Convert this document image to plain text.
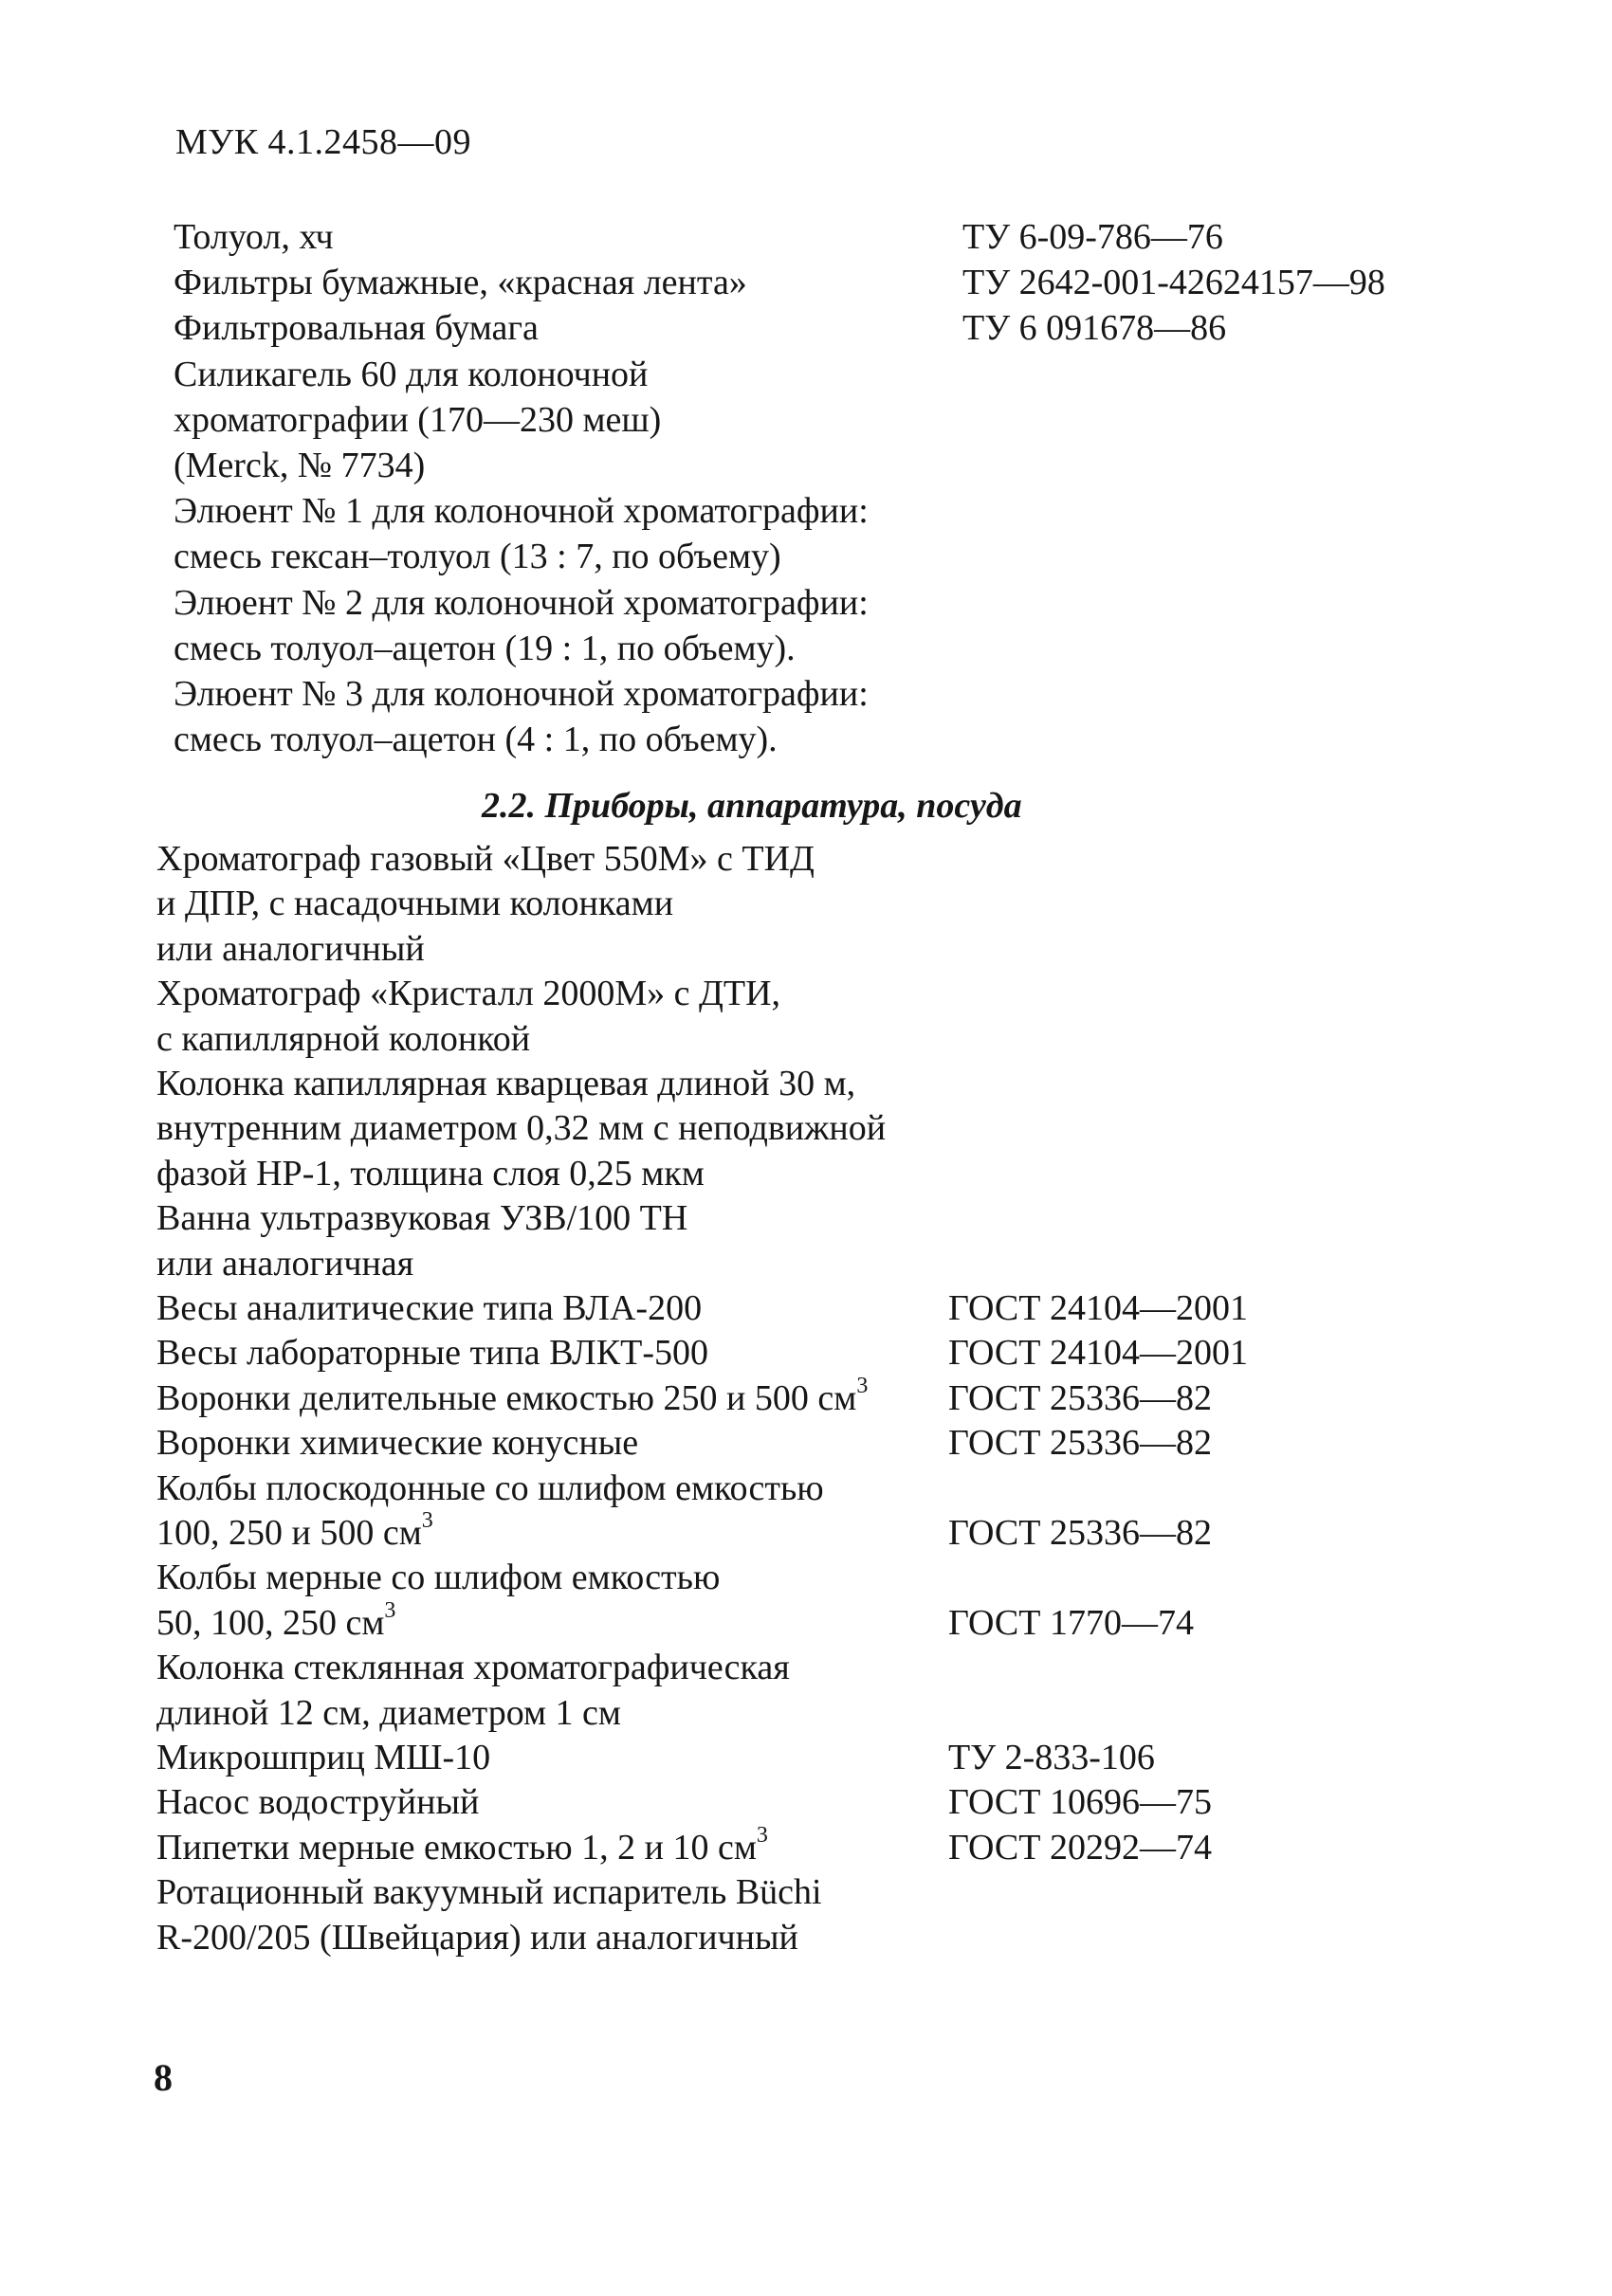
МУК 4.1.2458—09
Толуол, хч	ТУ 6-09-786—76
Фильтры бумажные, «красная лента»	ТУ 2642-001-42624157—98
Фильтровальная бумага	ТУ 6 091678—86
Силикагель 60 для колоночной
хроматографии (170—230 меш)
(Merck, № 7734)
Элюент № 1 для колоночной хроматографии:
смесь гексан–толуол (13 : 7, по объему)
Элюент № 2 для колоночной хроматографии:
смесь толуол–ацетон (19 : 1, по объему).
Элюент № 3 для колоночной хроматографии:
смесь толуол–ацетон (4 : 1, по объему).
2.2. Приборы, аппаратура, посуда
Хроматограф газовый «Цвет 550М» с ТИД
и ДПР, с насадочными колонками
или аналогичный
Хроматограф «Кристалл 2000М» с ДТИ,
с капиллярной колонкой
Колонка капиллярная кварцевая длиной 30 м,
внутренним диаметром 0,32 мм с неподвижной
фазой HP-1, толщина слоя 0,25 мкм
Ванна ультразвуковая УЗВ/100 ТН
или аналогичная
Весы аналитические типа ВЛА-200	ГОСТ 24104—2001
Весы лабораторные типа ВЛКТ-500	ГОСТ 24104—2001
Воронки делительные емкостью 250 и 500 $см^3$ ГОСТ 25336—82
Воронки химические конусные	ГОСТ 25336—82
Колбы плоскодонные со шлифом емкостью
100, 250 и 500 $см^3$	ГОСТ 25336—82
Колбы мерные со шлифом емкостью
50, 100, 250 $см^3$	ГОСТ 1770—74
Колонка стеклянная хроматографическая
длиной 12 см, диаметром 1 см
Микрошприц МШ-10	ТУ 2-833-106
Насос водоструйный	ГОСТ 10696—75
Пипетки мерные емкостью 1, 2 и 10 $см^3$	ГОСТ 20292—74
Ротационный вакуумный испаритель Büchi
R-200/205 (Швейцария) или аналогичный
8
